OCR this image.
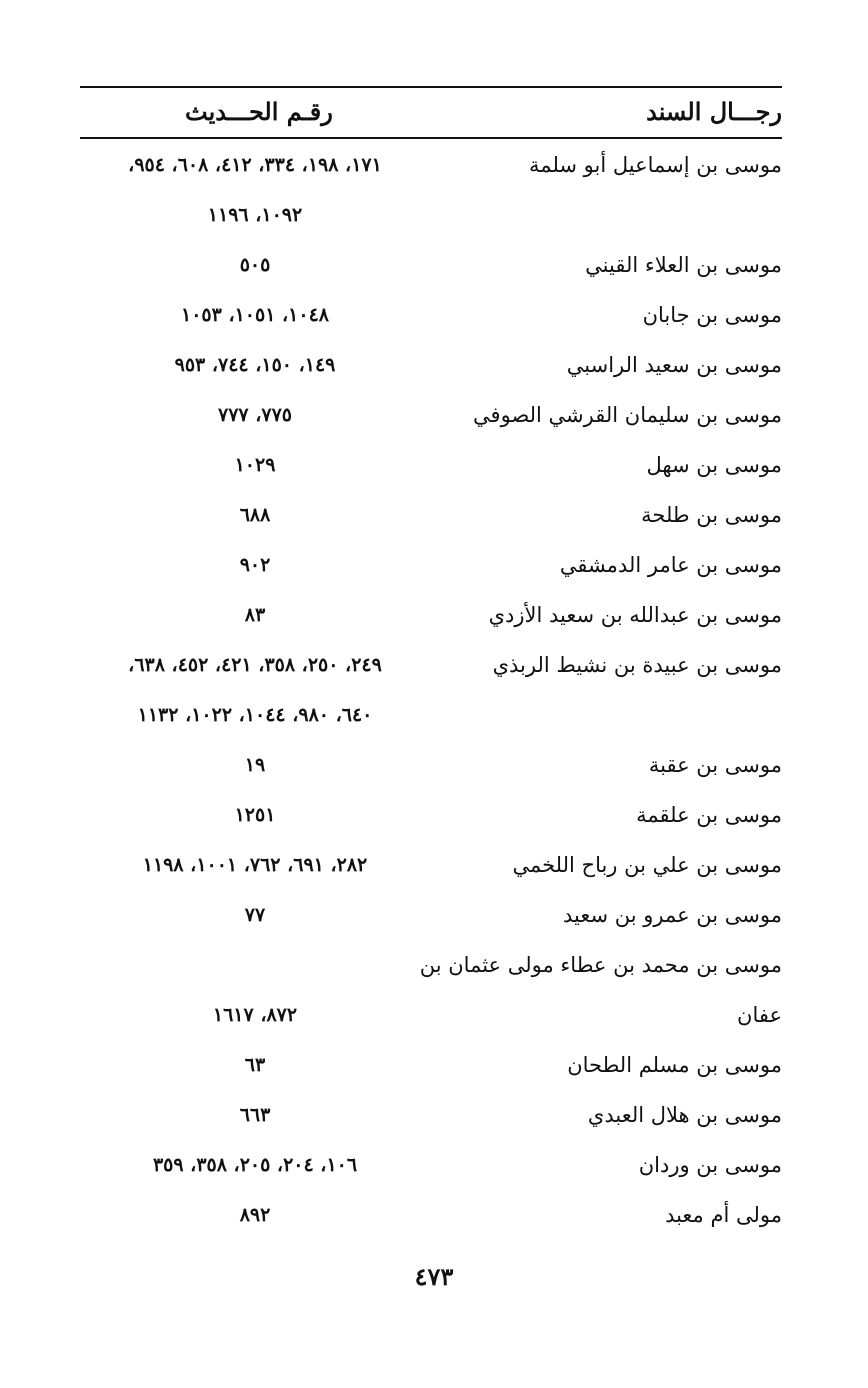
رجـــال السند
رقـم الحـــديث
موسى بن إسماعيل أبو سلمة
١٧١، ١٩٨، ٣٣٤، ٤١٢، ٦٠٨، ٩٥٤،
١٠٩٢، ١١٩٦
موسى بن العلاء القيني
٥٠٥
موسى بن جابان
١٠٤٨، ١٠٥١، ١٠٥٣
موسى بن سعيد الراسبي
١٤٩، ١٥٠، ٧٤٤، ٩٥٣
موسى بن سليمان القرشي الصوفي
٧٧٥، ٧٧٧
موسى بن سهل
١٠٢٩
موسى بن طلحة
٦٨٨
موسى بن عامر الدمشقي
٩٠٢
موسى بن عبدالله بن سعيد الأزدي
٨٣
موسى بن عبيدة بن نشيط الربذي
٢٤٩، ٢٥٠، ٣٥٨، ٤٢١، ٤٥٢، ٦٣٨،
٦٤٠، ٩٨٠، ١٠٤٤، ١٠٢٢، ١١٣٢
موسى بن عقبة
١٩
موسى بن علقمة
١٢٥١
موسى بن علي بن رباح اللخمي
٢٨٢، ٦٩١، ٧٦٢، ١٠٠١، ١١٩٨
موسى بن عمرو بن سعيد
٧٧
موسى بن محمد بن عطاء مولى عثمان بن
عفان
٨٧٢، ١٦١٧
موسى بن مسلم الطحان
٦٣
موسى بن هلال العبدي
٦٦٣
موسى بن وردان
١٠٦، ٢٠٤، ٢٠٥، ٣٥٨، ٣٥٩
مولى أم معبد
٨٩٢
٤٧٣
